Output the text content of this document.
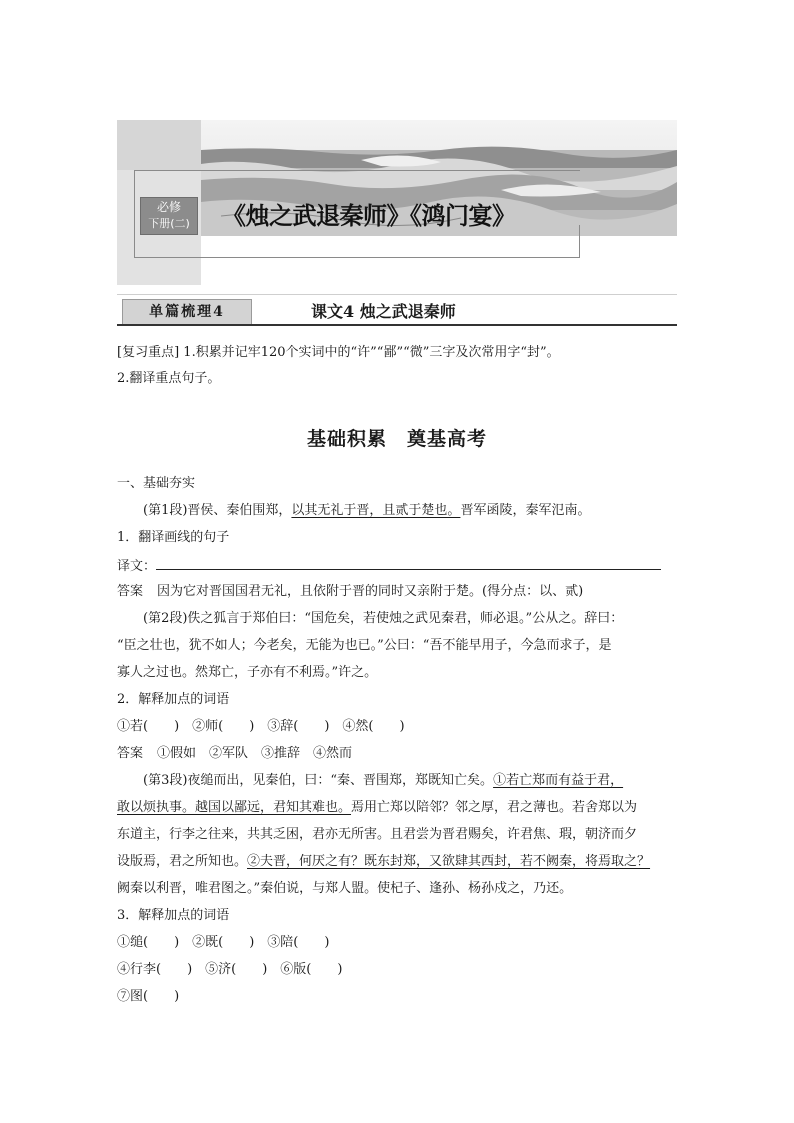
必修
下册(二)	《烛之武退秦师》《鸿门宴》
单篇梳理4	课文4 烛之武退秦师
[复习重点] 1.积累并记牢120个实词中的“许”“鄙”“微”三字及次常用字“封”。
2.翻译重点句子。
基础积累　奠基高考
一、基础夯实
(第1段)晋侯、秦伯围郑，以其无礼于晋，且贰于楚也。晋军函陵，秦军氾南。
1．翻译画线的句子
译文：
答案 因为它对晋国国君无礼，且依附于晋的同时又亲附于楚。(得分点：以、贰)
(第2段)佚之狐言于郑伯曰：“国危矣，若使烛之武见秦君，师必退。”公从之。辞曰：
“臣之壮也，犹不如人；今老矣，无能为也已。”公曰：“吾不能早用子，今急而求子，是
寡人之过也。然郑亡，子亦有不利焉。”许之。
2．解释加点的词语
①若(　　)　②师(　　)　③辞(　　)　④然(　　)
答案 ①假如　②军队　③推辞　④然而
(第3段)夜缒而出，见秦伯，曰：“秦、晋围郑，郑既知亡矣。①若亡郑而有益于君，
敢以烦执事。越国以鄙远，君知其难也。焉用亡郑以陪邻？邻之厚，君之薄也。若舍郑以为
东道主，行李之往来，共其乏困，君亦无所害。且君尝为晋君赐矣，许君焦、瑕，朝济而夕
设版焉，君之所知也。②夫晋，何厌之有？既东封郑，又欲肆其西封，若不阙秦，将焉取之？
阙秦以利晋，唯君图之。”秦伯说，与郑人盟。使杞子、逢孙、杨孙戍之，乃还。
3．解释加点的词语
①缒(　　)　②既(　　)　③陪(　　)
④行李(　　)　⑤济(　　)　⑥版(　　)
⑦图(　　)
